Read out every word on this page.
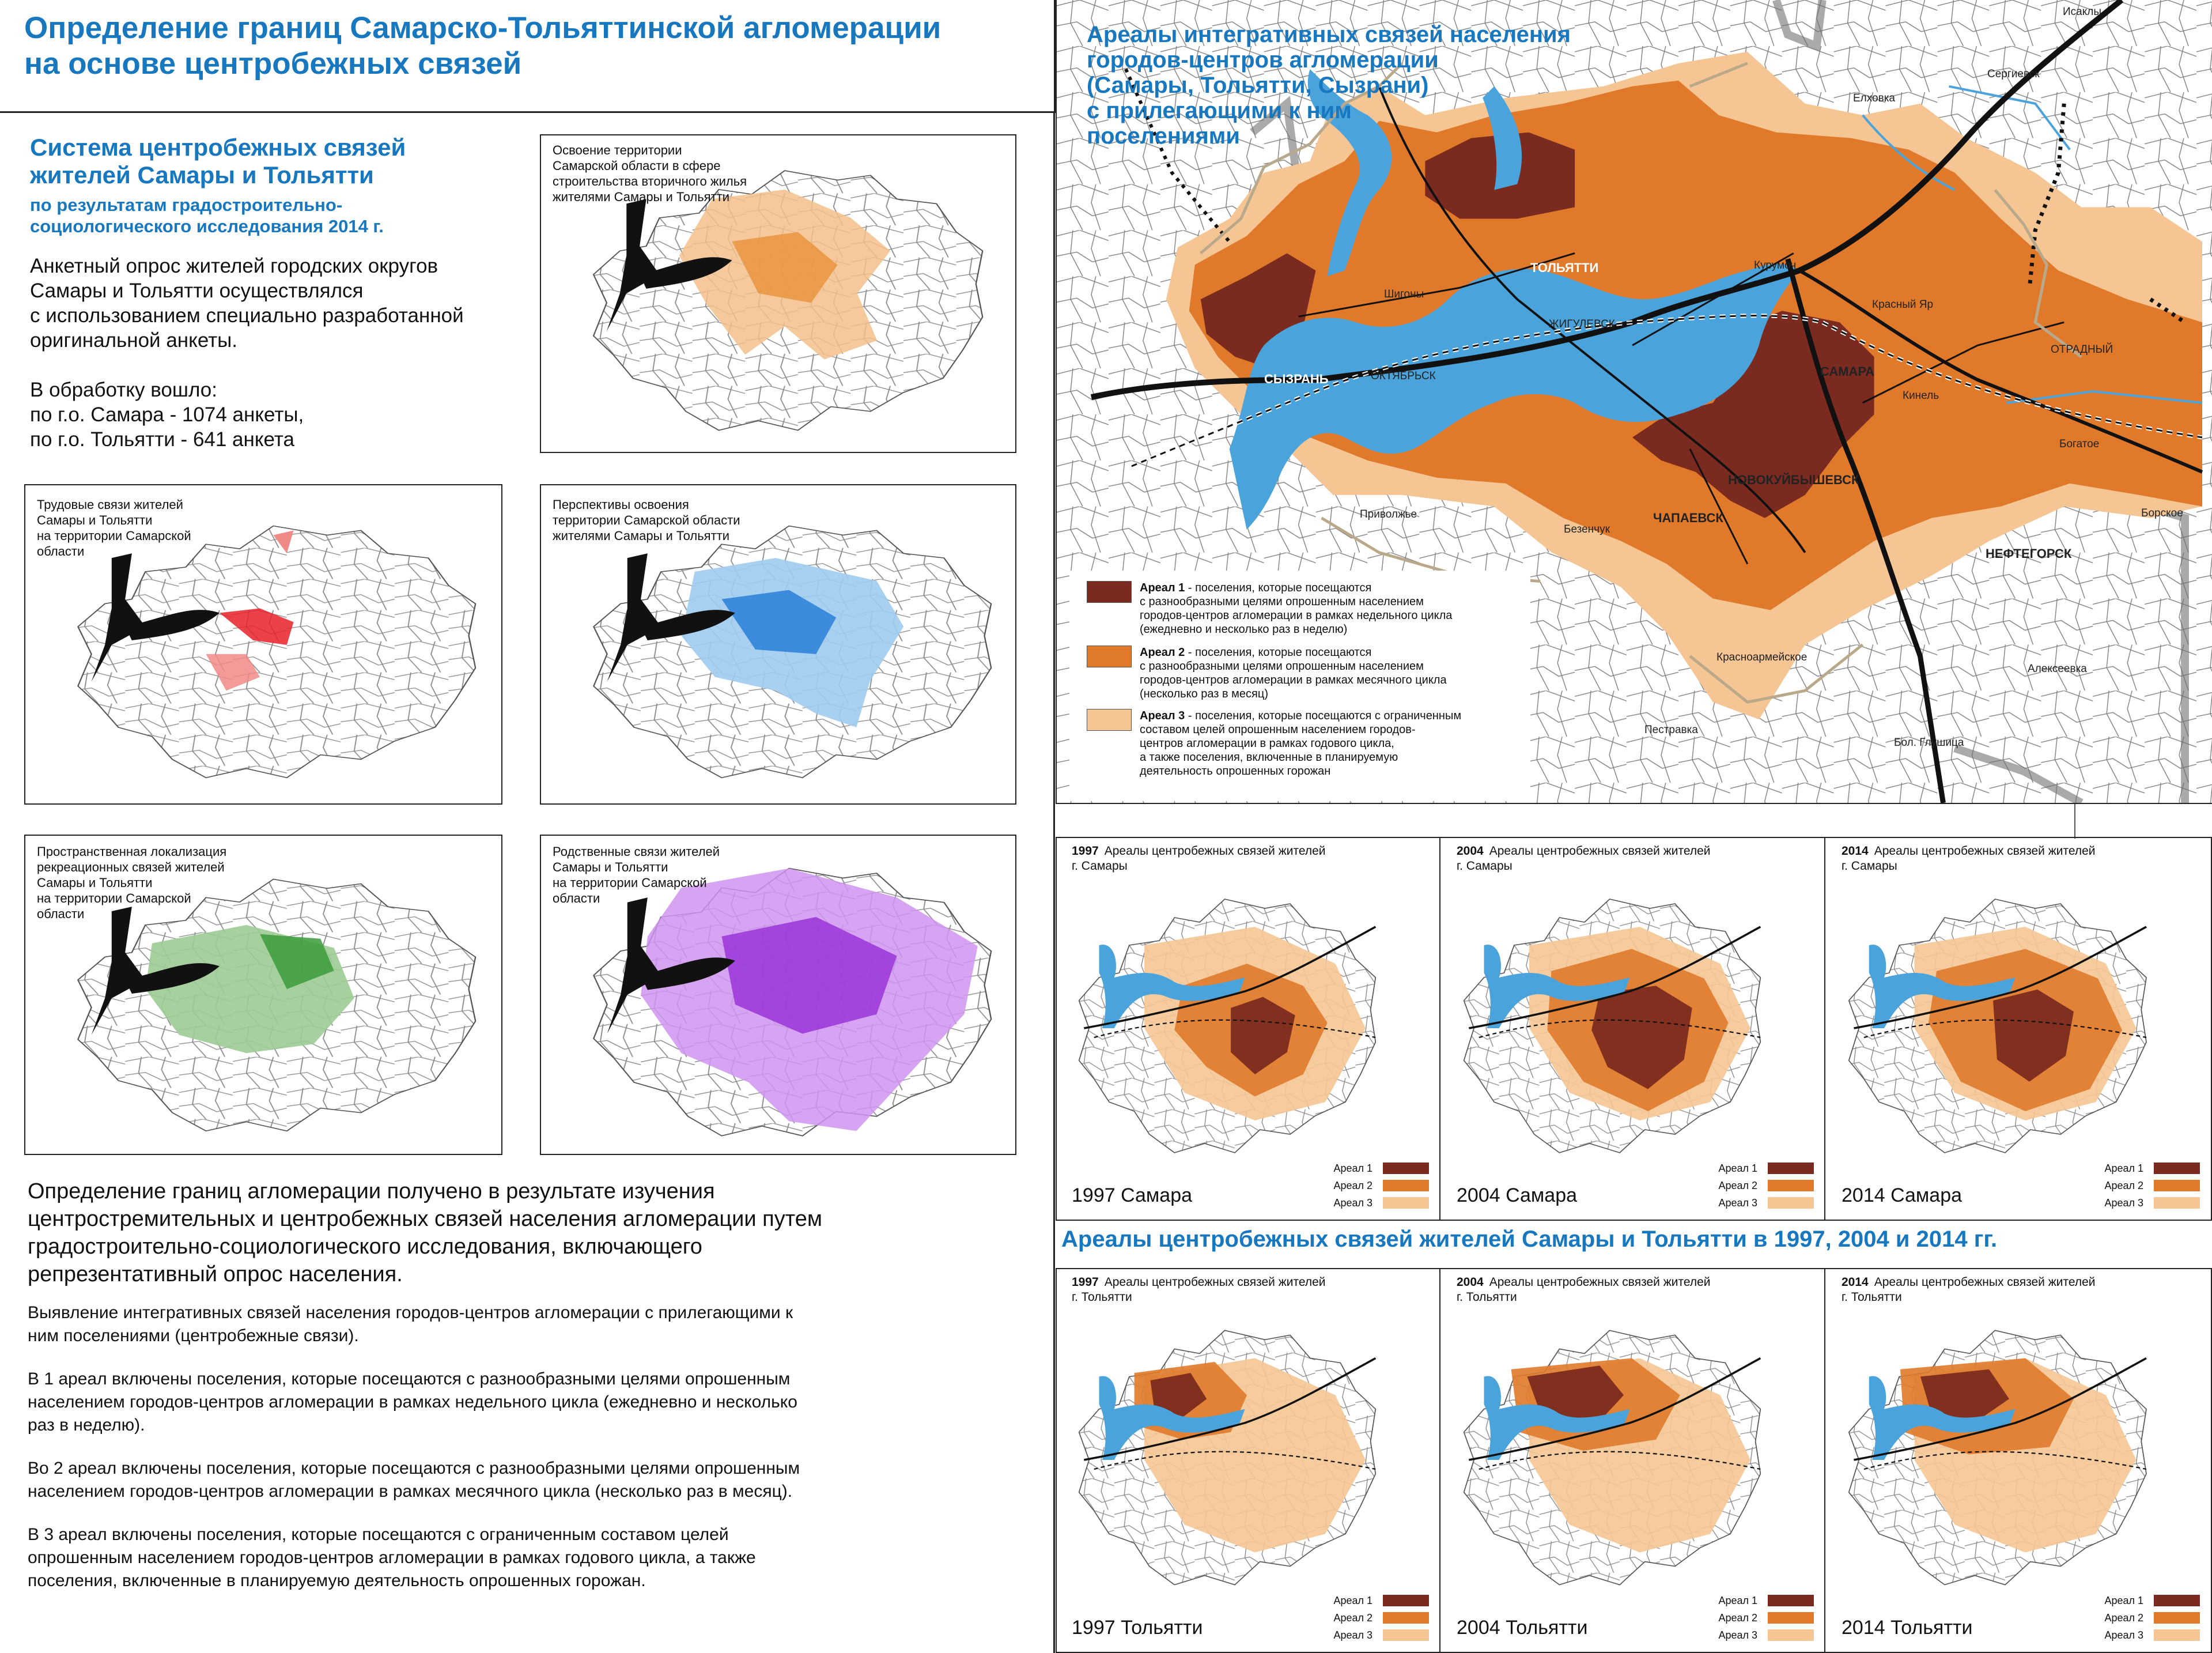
Определение границ Самарско-Тольяттинской агломерации
на основе центробежных связей
Система центробежных связей
жителей Самары и Тольятти
по результатам градостроительно-
социологического исследования 2014 г.
Анкетный опрос жителей городских округов
Самары и Тольятти осуществлялся
с использованием специально разработанной
оригинальной анкеты.
В обработку вошло:
по г.о. Самара - 1074 анкеты,
по г.о. Тольятти - 641 анкета
Освоение территории
Самарской области в сфере
строительства вторичного жилья
жителями Самары и Тольятти
Трудовые связи жителей
Самары и Тольятти
на территории Самарской
области
Перспективы освоения
территории Самарской области
жителями Самары и Тольятти
Пространственная локализация
рекреационных связей жителей
Самары и Тольятти
на территории Самарской
области
Родственные связи жителей
Самары и Тольятти
на территории Самарской
области
Определение границ агломерации получено в результате изучения
центростремительных и центробежных связей населения агломерации путем
градостроительно-социологического исследования, включающего
репрезентативный опрос населения.
Выявление интегративных связей населения городов-центров агломерации с прилегающими к
ним поселениями (центробежные связи).
В 1 ареал включены поселения, которые посещаются с разнообразными целями опрошенным
населением городов-центров агломерации в рамках недельного цикла (ежедневно и несколько
раз в неделю).
Во 2 ареал включены поселения, которые посещаются с разнообразными целями опрошенным
населением городов-центров агломерации в рамках месячного цикла (несколько раз в месяц).
В 3 ареал включены поселения, которые посещаются с ограниченным составом целей
опрошенным населением городов-центров агломерации в рамках годового цикла, а также
поселения, включенные в планируемую деятельность опрошенных горожан.
Ареалы интегративных связей населения
городов-центров агломерации
(Самары, Тольятти, Сызрани)
с прилегающими к ним
поселениями
Исаклы
Сергиевск
Елховка
ТОЛЬЯТТИ	Курумоч
Шигоны
ЖИГУЛЕВСК
Красный Яр
ОТРАДНЫЙ
СЫЗРАНЬ	ОКТЯБРЬСК	САМАРА
Кинель
Богатое
Борское
НОВОКУЙБЫШЕВСК
Приволжье
Безенчук
ЧАПАЕВСК
НЕФТЕГОРСК
Красноармейское
Алексеевка
Пестравка
Бол. Глушица
Ареал 1 - поселения, которые посещаются
с разнообразными целями опрошенным населением
городов-центров агломерации в рамках недельного цикла
(ежедневно и несколько раз в неделю)
Ареал 2 - поселения, которые посещаются
с разнообразными целями опрошенным населением
городов-центров агломерации в рамках месячного цикла
(несколько раз в месяц)
Ареал 3 - поселения, которые посещаются с ограниченным
составом целей опрошенным населением городов-
центров агломерации в рамках годового цикла,
а также поселения, включенные в планируемую
деятельность опрошенных горожан
Ареалы центробежных связей жителей Самары и Тольятти в 1997, 2004 и 2014 гг.
1997 Ареалы центробежных связей жителей
г. Самары
1997 Самара
Ареал 1
Ареал 2
Ареал 3
2004 Ареалы центробежных связей жителей
г. Самары
2004 Самара
Ареал 1
Ареал 2
Ареал 3
2014 Ареалы центробежных связей жителей
г. Самары
2014 Самара
Ареал 1
Ареал 2
Ареал 3
1997 Ареалы центробежных связей жителей
г. Тольятти
1997 Тольятти
Ареал 1
Ареал 2
Ареал 3
2004 Ареалы центробежных связей жителей
г. Тольятти
2004 Тольятти
Ареал 1
Ареал 2
Ареал 3
2014 Ареалы центробежных связей жителей
г. Тольятти
2014 Тольятти
Ареал 1
Ареал 2
Ареал 3
